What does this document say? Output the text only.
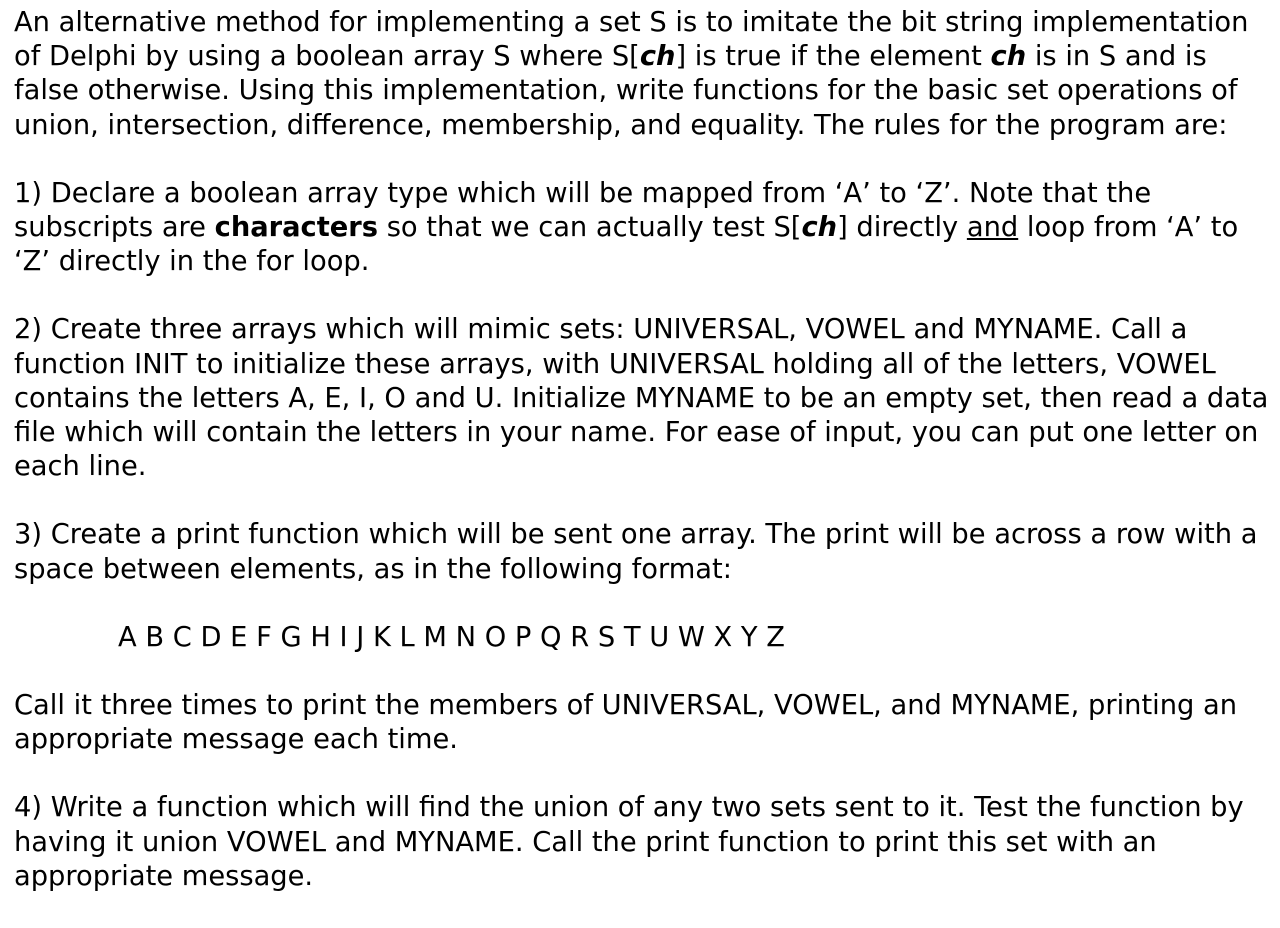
An alternative method for implementing a set S is to imitate the bit string implementation of Delphi by using a boolean array S where S[ch] is true if the element ch is in S and is false otherwise. Using this implementation, write functions for the basic set operations of union, intersection, difference, membership, and equality. The rules for the program are:

1) Declare a boolean array type which will be mapped from ‘A’ to ‘Z’. Note that the subscripts are characters so that we can actually test S[ch] directly and loop from ‘A’ to ‘Z’ directly in the for loop.

2) Create three arrays which will mimic sets: UNIVERSAL, VOWEL and MYNAME. Call a function INIT to initialize these arrays, with UNIVERSAL holding all of the letters, VOWEL contains the letters A, E, I, O and U. Initialize MYNAME to be an empty set, then read a data file which will contain the letters in your name. For ease of input, you can put one letter on each line.

3) Create a print function which will be sent one array. The print will be across a row with a space between elements, as in the following format:

A B C D E F G H I J K L M N O P Q R S T U W X Y Z

Call it three times to print the members of UNIVERSAL, VOWEL, and MYNAME, printing an appropriate message each time.

4) Write a function which will find the union of any two sets sent to it. Test the function by having it union VOWEL and MYNAME. Call the print function to print this set with an appropriate message.
